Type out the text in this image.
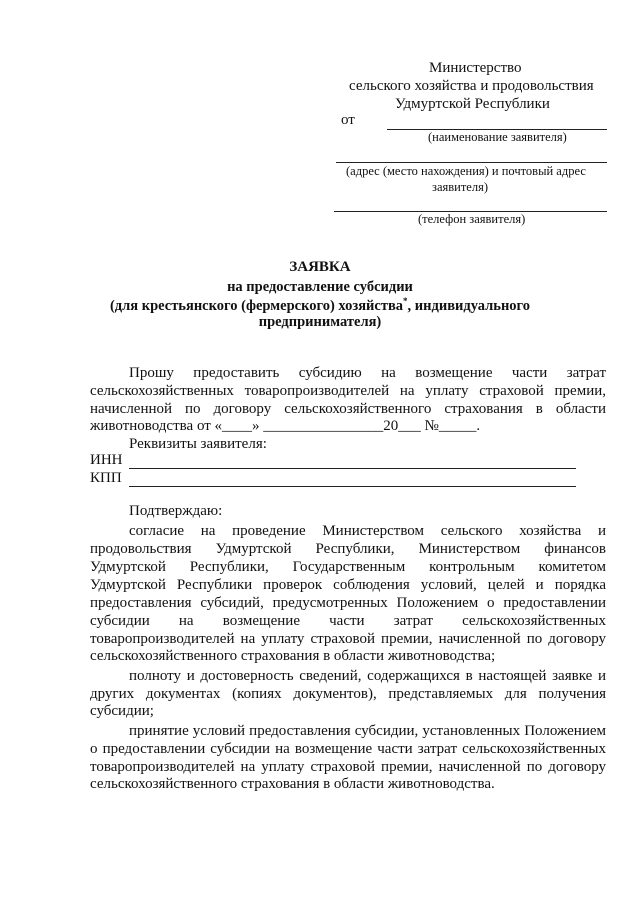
Министерство
сельского хозяйства и продовольствия
Удмуртской Республики
от
(наименование заявителя)
(адрес (место нахождения) и почтовый адрес
заявителя)
(телефон заявителя)
ЗАЯВКА
на предоставление субсидии
(для крестьянского (фермерского) хозяйства*, индивидуального
предпринимателя)
Прошу предоставить субсидию на возмещение части затрат
сельскохозяйственных товаропроизводителей на уплату страховой премии,
начисленной по договору сельскохозяйственного страхования в области
животноводства от «____» ________________20___ №_____.
Реквизиты заявителя:
ИНН
КПП
Подтверждаю:
согласие на проведение Министерством сельского хозяйства и
продовольствия Удмуртской Республики, Министерством финансов
Удмуртской Республики, Государственным контрольным комитетом
Удмуртской Республики проверок соблюдения условий, целей и порядка
предоставления субсидий, предусмотренных Положением о предоставлении
субсидии на возмещение части затрат сельскохозяйственных
товаропроизводителей на уплату страховой премии, начисленной по договору
сельскохозяйственного страхования в области животноводства;
полноту и достоверность сведений, содержащихся в настоящей заявке и
других документах (копиях документов), представляемых для получения
субсидии;
принятие условий предоставления субсидии, установленных Положением
о предоставлении субсидии на возмещение части затрат сельскохозяйственных
товаропроизводителей на уплату страховой премии, начисленной по договору
сельскохозяйственного страхования в области животноводства.
